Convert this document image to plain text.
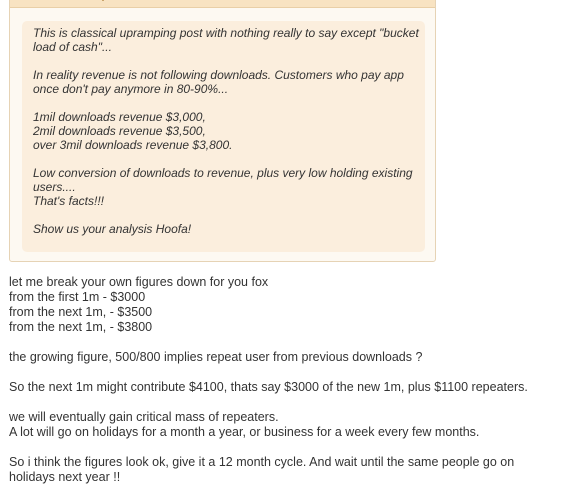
This is classical upramping post with nothing really to say except "bucket
load of cash"...

In reality revenue is not following downloads. Customers who pay app
once don't pay anymore in 80-90%...

1mil downloads revenue $3,000,
2mil downloads revenue $3,500,
over 3mil downloads revenue $3,800.

Low conversion of downloads to revenue, plus very low holding existing
users....
That's facts!!!

Show us your analysis Hoofa!

let me break your own figures down for you fox
from the first 1m - $3000
from the next 1m, - $3500
from the next 1m, - $3800

the growing figure, 500/800 implies repeat user from previous downloads ?

So the next 1m might contribute $4100, thats say $3000 of the new 1m, plus $1100 repeaters.

we will eventually gain critical mass of repeaters.
A lot will go on holidays for a month a year, or business for a week every few months.

So i think the figures look ok, give it a 12 month cycle. And wait until the same people go on
holidays next year !!
